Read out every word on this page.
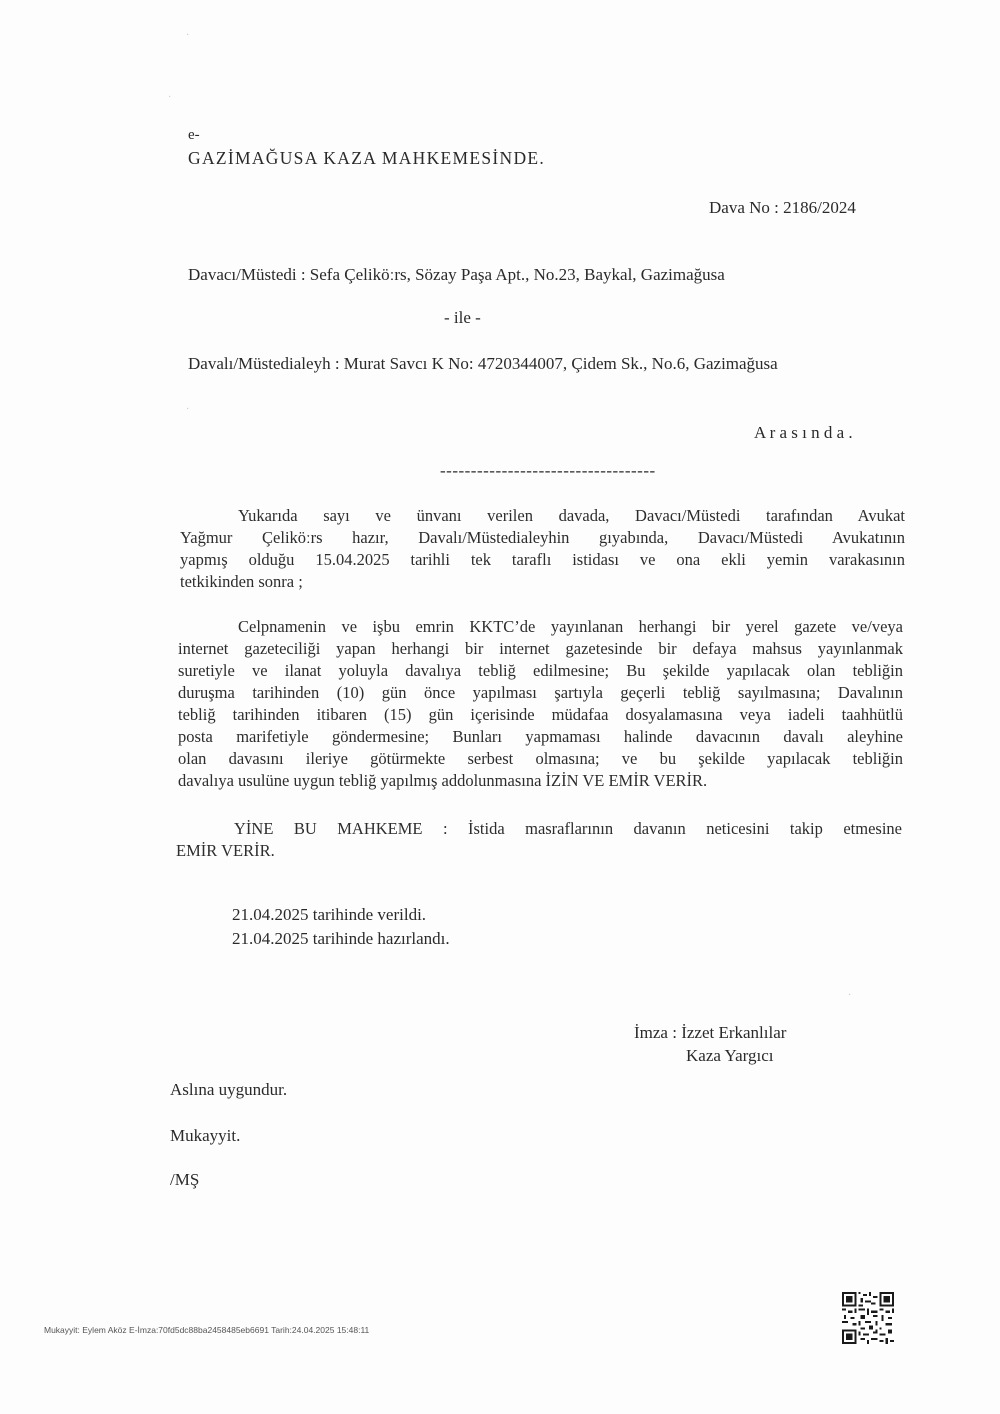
e-
GAZİMAĞUSA KAZA MAHKEMESİNDE.
Dava No : 2186/2024
Davacı/Müstedi : Sefa Çeliköːrs, Sözay Paşa Apt., No.23, Baykal, Gazimağusa
- ile -
Davalı/Müstedialeyh : Murat Savcı K No: 4720344007, Çidem Sk., No.6, Gazimağusa
A r a s ı n d a .
-----------------------------------
Yukarıda sayı ve ünvanı verilen davada, Davacı/Müstedi tarafından Avukat
Yağmur Çeliköːrs hazır, Davalı/Müstedialeyhin gıyabında, Davacı/Müstedi Avukatının
yapmış olduğu 15.04.2025 tarihli tek taraflı istidası ve ona ekli yemin varakasının
tetkikinden sonra ;
Celpnamenin ve işbu emrin KKTC’de yayınlanan herhangi bir yerel gazete ve/veya
internet gazeteciliği yapan herhangi bir internet gazetesinde bir defaya mahsus yayınlanmak
suretiyle ve ilanat yoluyla davalıya tebliğ edilmesine; Bu şekilde yapılacak olan tebliğin
duruşma tarihinden (10) gün önce yapılması şartıyla geçerli tebliğ sayılmasına; Davalının
tebliğ tarihinden itibaren (15) gün içerisinde müdafaa dosyalamasına veya iadeli taahhütlü
posta marifetiyle göndermesine; Bunları yapmaması halinde davacının davalı aleyhine
olan davasını ileriye götürmekte serbest olmasına; ve bu şekilde yapılacak tebliğin
davalıya usulüne uygun tebliğ yapılmış addolunmasına İZİN VE EMİR VERİR.
YİNE BU MAHKEME : İstida masraflarının davanın neticesini takip etmesine
EMİR VERİR.
21.04.2025 tarihinde verildi.
21.04.2025 tarihinde hazırlandı.
İmza : İzzet Erkanlılar
Kaza Yargıcı
Aslına uygundur.
Mukayyit.
/MŞ
Mukayyit: Eylem Aköz E-İmza:70fd5dc88ba2458485eb6691 Tarih:24.04.2025 15:48:11
·
·
·
·
